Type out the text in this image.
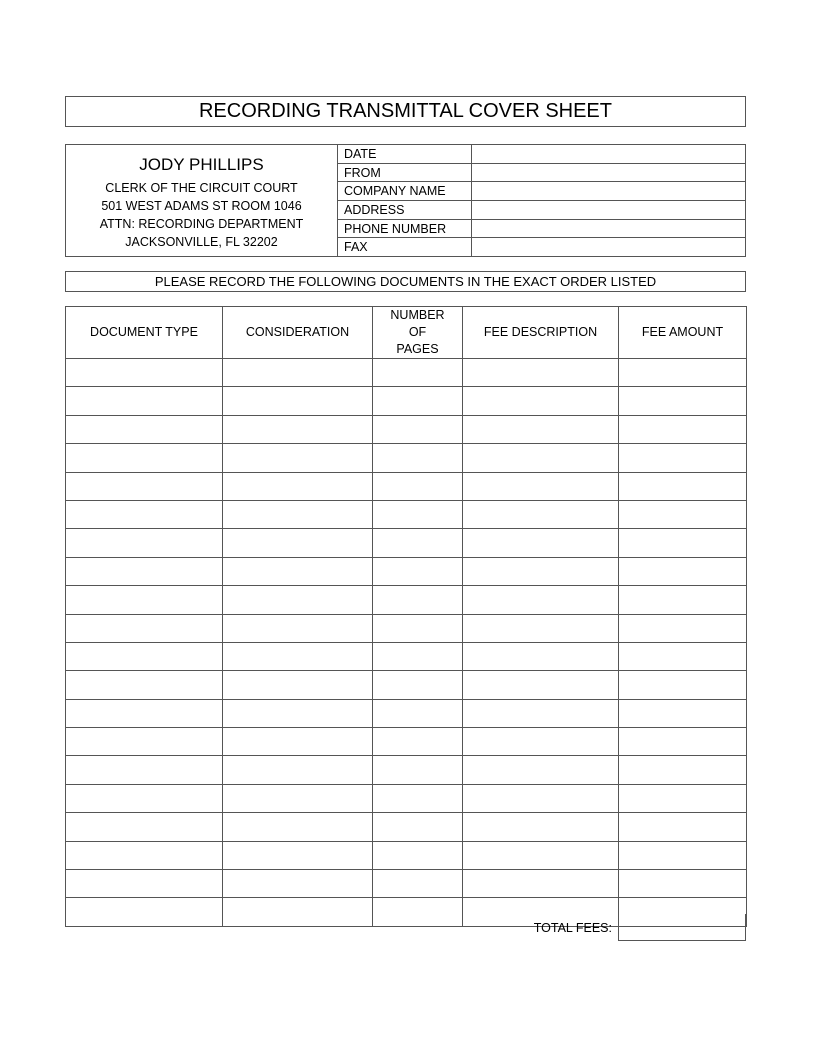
RECORDING TRANSMITTAL COVER SHEET
JODY PHILLIPS
CLERK OF THE CIRCUIT COURT
501 WEST ADAMS ST ROOM 1046
ATTN: RECORDING DEPARTMENT
JACKSONVILLE, FL 32202
DATE
FROM
COMPANY NAME
ADDRESS
PHONE NUMBER
FAX
PLEASE RECORD THE FOLLOWING DOCUMENTS IN THE EXACT ORDER LISTED
DOCUMENT TYPE	CONSIDERATION	NUMBER OF PAGES	FEE DESCRIPTION	FEE AMOUNT

TOTAL FEES:
